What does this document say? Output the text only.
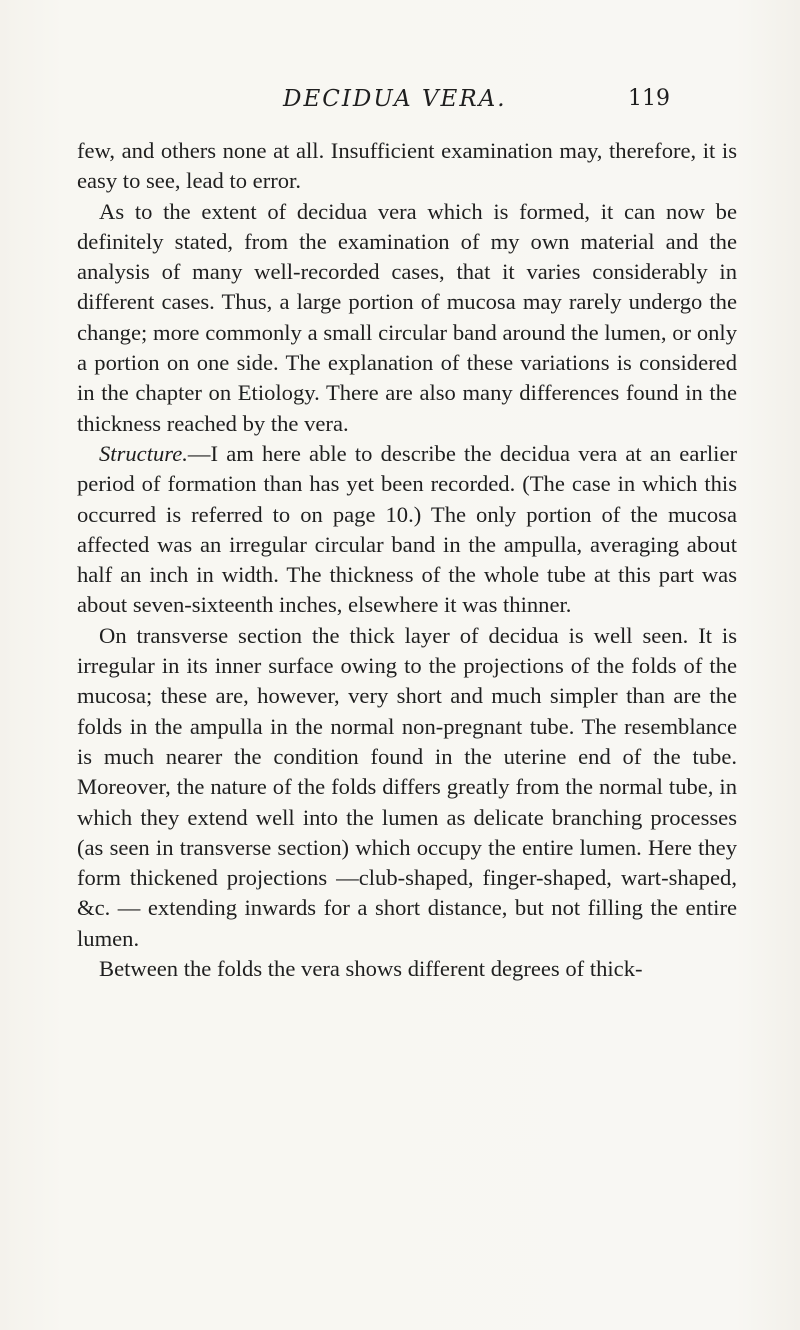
DECIDUA VERA.	119

few, and others none at all. Insufficient examination may, therefore, it is easy to see, lead to error.

As to the extent of decidua vera which is formed, it can now be definitely stated, from the examination of my own material and the analysis of many well-recorded cases, that it varies considerably in different cases. Thus, a large portion of mucosa may rarely undergo the change; more commonly a small circular band around the lumen, or only a portion on one side. The explanation of these variations is considered in the chapter on Etiology. There are also many differences found in the thickness reached by the vera.

Structure.—I am here able to describe the decidua vera at an earlier period of formation than has yet been recorded. (The case in which this occurred is referred to on page 10.) The only portion of the mucosa affected was an irregular circular band in the ampulla, averaging about half an inch in width. The thickness of the whole tube at this part was about seven-sixteenth inches, elsewhere it was thinner.

On transverse section the thick layer of decidua is well seen. It is irregular in its inner surface owing to the projections of the folds of the mucosa; these are, however, very short and much simpler than are the folds in the ampulla in the normal non-pregnant tube. The resemblance is much nearer the condition found in the uterine end of the tube. Moreover, the nature of the folds differs greatly from the normal tube, in which they extend well into the lumen as delicate branching processes (as seen in transverse section) which occupy the entire lumen. Here they form thickened projections —club-shaped, finger-shaped, wart-shaped, &c. — extending inwards for a short distance, but not filling the entire lumen.

Between the folds the vera shows different degrees of thick-
